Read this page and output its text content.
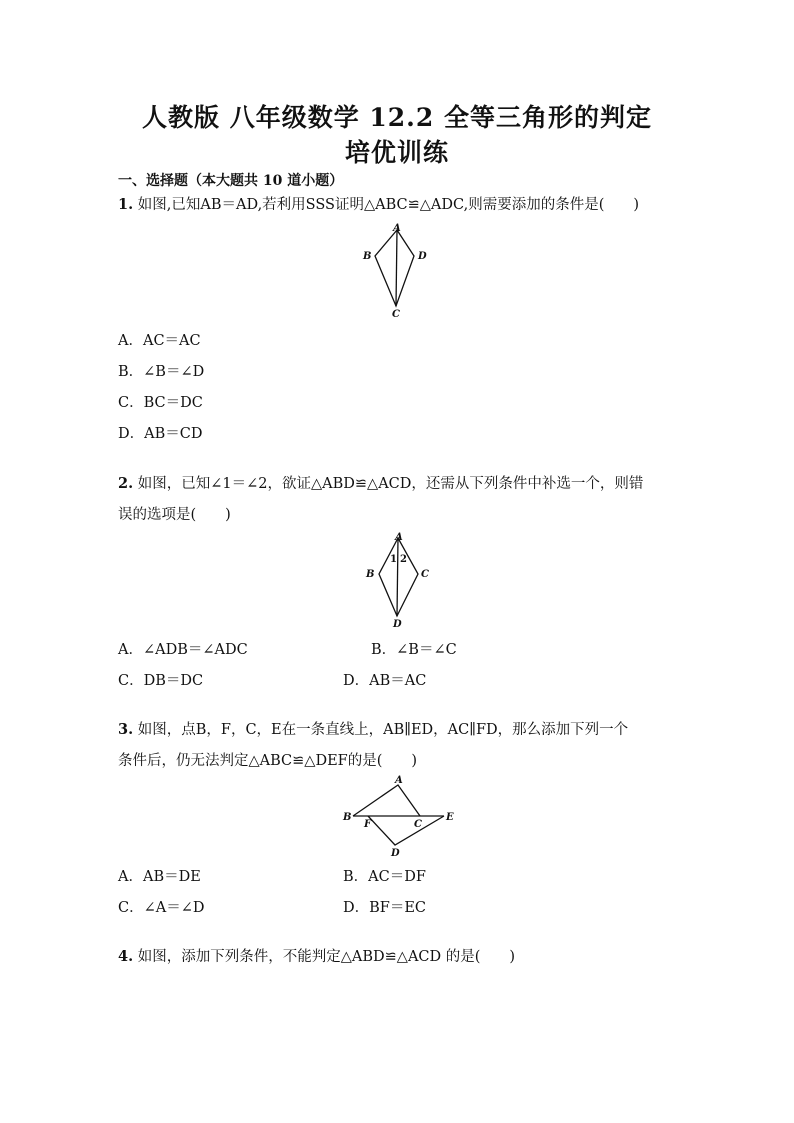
人教版 八年级数学 12.2 全等三角形的判定
培优训练
一、选择题（本大题共 10 道小题）
1. 如图,已知AB＝AD,若利用SSS证明△ABC≌△ADC,则需要添加的条件是(　　)
A
B	D
C
A．AC＝AC
B．∠B＝∠D
C．BC＝DC
D．AB＝CD
2. 如图，已知∠1＝∠2，欲证△ABD≌△ACD，还需从下列条件中补选一个，则错
误的选项是(　　)
A
1 2
B	C
D
A．∠ADB＝∠ADC	B．∠B＝∠C
C．DB＝DC	D．AB＝AC
3. 如图，点B，F，C，E在一条直线上，AB∥ED，AC∥FD，那么添加下列一个
条件后，仍无法判定△ABC≌△DEF的是(　　)
A
B
F	C
E
D
A．AB＝DE	B．AC＝DF
C．∠A＝∠D	D．BF＝EC
4. 如图，添加下列条件，不能判定△ABD≌△ACD 的是(　　)
